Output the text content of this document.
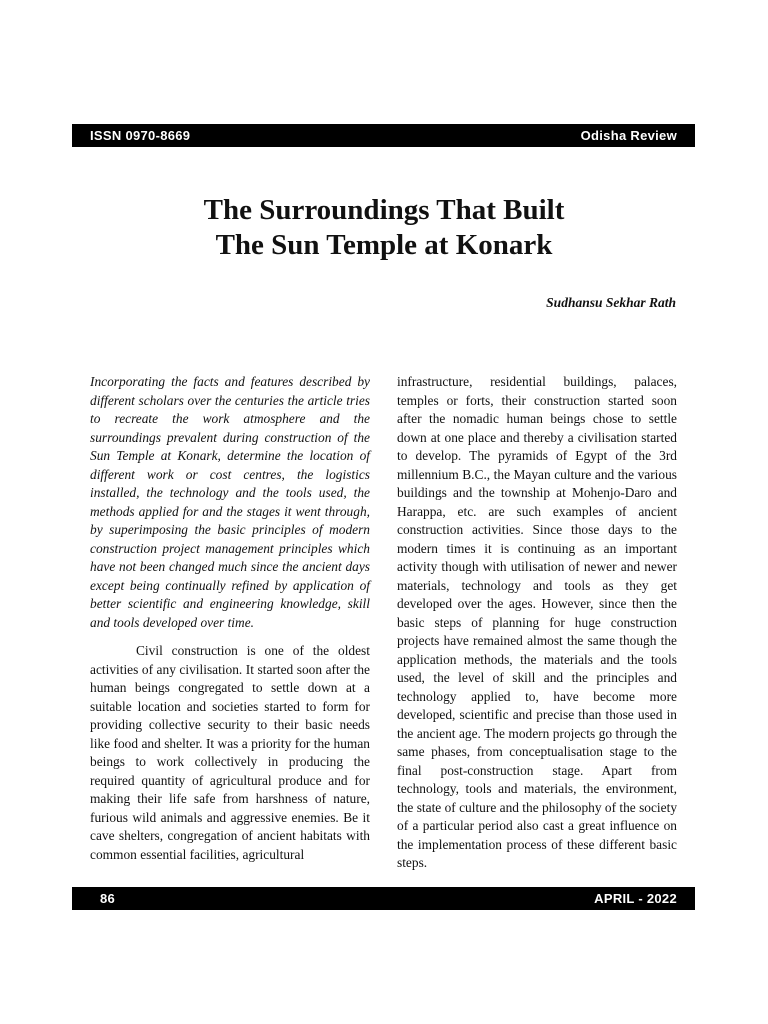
ISSN 0970-8669	Odisha Review
The Surroundings That Built
The Sun Temple at Konark
Sudhansu Sekhar Rath

Incorporating the facts and features described by different scholars over the centuries the article tries to recreate the work atmosphere and the surroundings prevalent during construction of the Sun Temple at Konark, determine the location of different work or cost centres, the logistics installed, the technology and the tools used, the methods applied for and the stages it went through, by superimposing the basic principles of modern construction project management principles which have not been changed much since the ancient days except being continually refined by application of better scientific and engineering knowledge, skill and tools developed over time.

Civil construction is one of the oldest activities of any civilisation. It started soon after the human beings congregated to settle down at a suitable location and societies started to form for providing collective security to their basic needs like food and shelter. It was a priority for the human beings to work collectively in producing the required quantity of agricultural produce and for making their life safe from harshness of nature, furious wild animals and aggressive enemies. Be it cave shelters, congregation of ancient habitats with common essential facilities, agricultural

infrastructure, residential buildings, palaces, temples or forts, their construction started soon after the nomadic human beings chose to settle down at one place and thereby a civilisation started to develop. The pyramids of Egypt of the 3rd millennium B.C., the Mayan culture and the various buildings and the township at Mohenjo-Daro and Harappa, etc. are such examples of ancient construction activities. Since those days to the modern times it is continuing as an important activity though with utilisation of newer and newer materials, technology and tools as they get developed over the ages. However, since then the basic steps of planning for huge construction projects have remained almost the same though the application methods, the materials and the tools used, the level of skill and the principles and technology applied to, have become more developed, scientific and precise than those used in the ancient age. The modern projects go through the same phases, from conceptualisation stage to the final post-construction stage. Apart from technology, tools and materials, the environment, the state of culture and the philosophy of the society of a particular period also cast a great influence on the implementation process of these different basic steps.

86	APRIL - 2022
